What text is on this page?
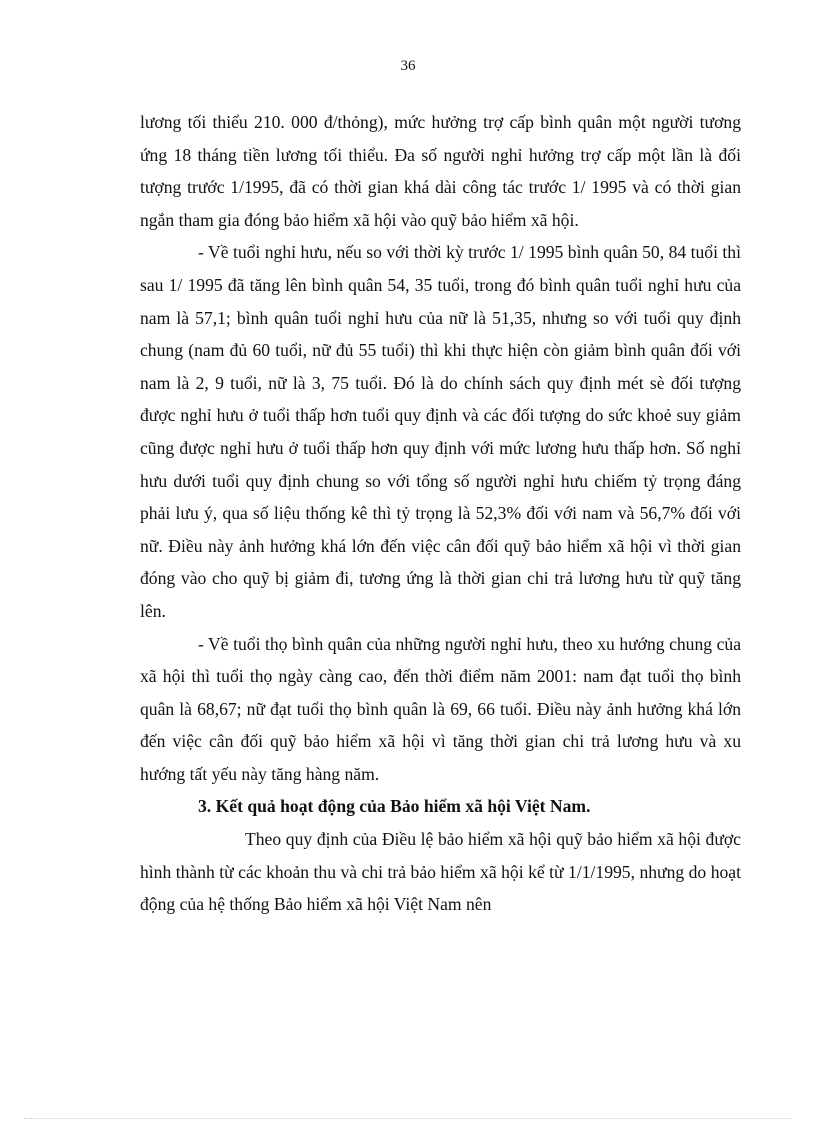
36

lương tối thiểu 210. 000 đ/thỏng), mức hưởng trợ cấp bình quân một người tương ứng 18 tháng tiền lương tối thiểu. Đa số người nghỉ hưởng trợ cấp một lần là đối tượng trước 1/1995, đã có thời gian khá dài công tác trước 1/ 1995 và có thời gian ngắn tham gia đóng bảo hiểm xã hội vào quỹ bảo hiểm xã hội.

- Về tuổi nghỉ hưu, nếu so với thời kỳ trước 1/ 1995 bình quân 50, 84 tuổi thì sau 1/ 1995 đã tăng lên bình quân 54, 35 tuổi, trong đó bình quân tuổi nghỉ hưu của nam là 57,1; bình quân tuổi nghỉ hưu của nữ là 51,35, nhưng so với tuổi quy định chung (nam đủ 60 tuổi, nữ đủ 55 tuổi) thì khi thực hiện còn giảm bình quân đối với nam là 2, 9 tuổi, nữ là 3, 75 tuổi. Đó là do chính sách quy định mét sè đối tượng được nghỉ hưu ở tuổi thấp hơn tuổi quy định và các đối tượng do sức khoẻ suy giảm cũng được nghỉ hưu ở tuổi thấp hơn quy định với mức lương hưu thấp hơn. Số nghỉ hưu dưới tuổi quy định chung so với tổng số người nghỉ hưu chiếm tỷ trọng đáng phải lưu ý, qua số liệu thống kê thì tỷ trọng là 52,3% đối với nam và 56,7% đối với nữ. Điều này ảnh hưởng khá lớn đến việc cân đối quỹ bảo hiểm xã hội vì thời gian đóng vào cho quỹ bị giảm đi, tương ứng là thời gian chi trả lương hưu từ quỹ tăng lên.

- Về tuổi thọ bình quân của những người nghỉ hưu, theo xu hướng chung của xã hội thì tuổi thọ ngày càng cao, đến thời điểm năm 2001: nam đạt tuổi thọ bình quân là 68,67; nữ đạt tuổi thọ bình quân là 69, 66 tuổi. Điều này ảnh hưởng khá lớn đến việc cân đối quỹ bảo hiểm xã hội vì tăng thời gian chi trả lương hưu và xu hướng tất yếu này tăng hàng năm.

3. Kết quả hoạt động của Bảo hiểm xã hội Việt Nam.

Theo quy định của Điều lệ bảo hiểm xã hội quỹ bảo hiểm xã hội được hình thành từ các khoản thu và chi trả bảo hiểm xã hội kể từ 1/1/1995, nhưng do hoạt động của hệ thống Bảo hiểm xã hội Việt Nam nên
